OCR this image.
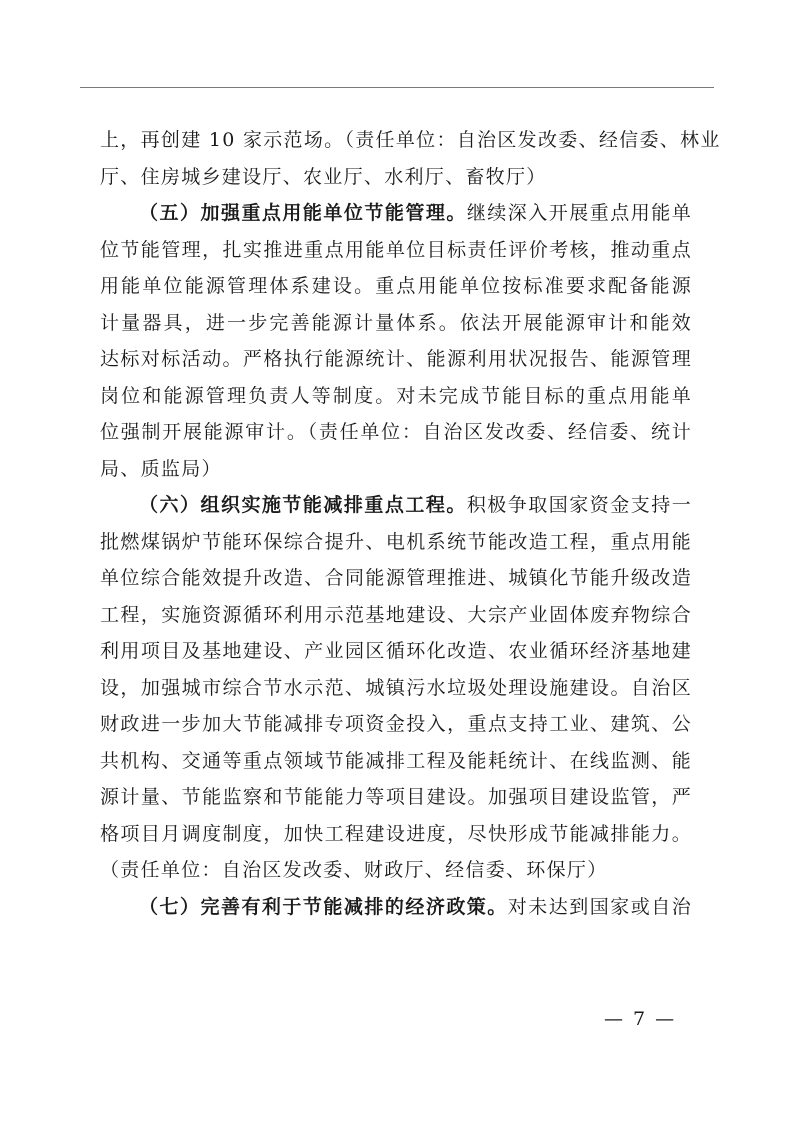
上，再创建 10 家示范场。（责任单位：自治区发改委、经信委、林业

厅、住房城乡建设厅、农业厅、水利厅、畜牧厅）

（五）加强重点用能单位节能管理。继续深入开展重点用能单

位节能管理，扎实推进重点用能单位目标责任评价考核，推动重点

用能单位能源管理体系建设。重点用能单位按标准要求配备能源

计量器具，进一步完善能源计量体系。依法开展能源审计和能效

达标对标活动。严格执行能源统计、能源利用状况报告、能源管理

岗位和能源管理负责人等制度。对未完成节能目标的重点用能单

位强制开展能源审计。（责任单位：自治区发改委、经信委、统计

局、质监局）

（六）组织实施节能减排重点工程。积极争取国家资金支持一

批燃煤锅炉节能环保综合提升、电机系统节能改造工程，重点用能

单位综合能效提升改造、合同能源管理推进、城镇化节能升级改造

工程，实施资源循环利用示范基地建设、大宗产业固体废弃物综合

利用项目及基地建设、产业园区循环化改造、农业循环经济基地建

设，加强城市综合节水示范、城镇污水垃圾处理设施建设。自治区

财政进一步加大节能减排专项资金投入，重点支持工业、建筑、公

共机构、交通等重点领域节能减排工程及能耗统计、在线监测、能

源计量、节能监察和节能能力等项目建设。加强项目建设监管，严

格项目月调度制度，加快工程建设进度，尽快形成节能减排能力。

（责任单位：自治区发改委、财政厅、经信委、环保厅）

（七）完善有利于节能减排的经济政策。对未达到国家或自治

— 7 —
